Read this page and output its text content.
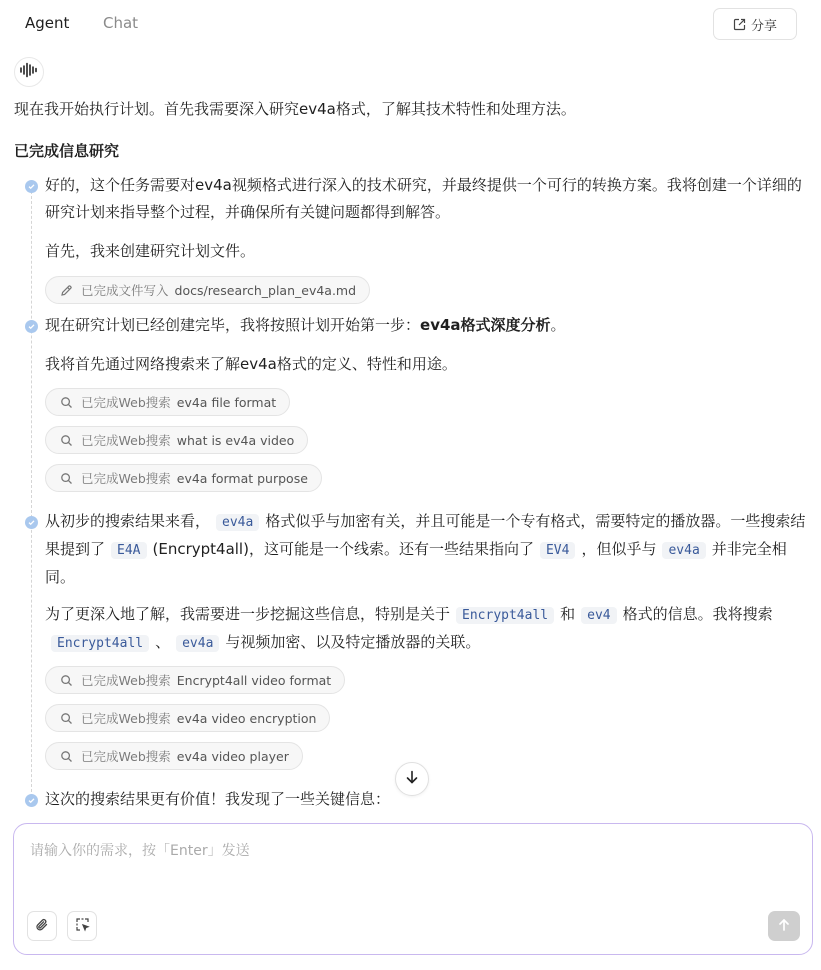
Agent Chat	分享
现在我开始执行计划。首先我需要深入研究ev4a格式，了解其技术特性和处理方法。
已完成信息研究
好的，这个任务需要对ev4a视频格式进行深入的技术研究，并最终提供一个可行的转换方案。我将创建一个详细的研究计划来指导整个过程，并确保所有关键问题都得到解答。
首先，我来创建研究计划文件。
已完成文件写入 docs/research_plan_ev4a.md
现在研究计划已经创建完毕，我将按照计划开始第一步：ev4a格式深度分析。
我将首先通过网络搜索来了解ev4a格式的定义、特性和用途。
已完成Web搜索 ev4a file format
已完成Web搜索 what is ev4a video
已完成Web搜索 ev4a format purpose
从初步的搜索结果来看， ev4a 格式似乎与加密有关，并且可能是一个专有格式，需要特定的播放器。一些搜索结果提到了 E4A (Encrypt4all)，这可能是一个线索。还有一些结果指向了 EV4 ，但似乎与 ev4a 并非完全相同。
为了更深入地了解，我需要进一步挖掘这些信息，特别是关于 Encrypt4all 和 ev4 格式的信息。我将搜索Encrypt4all 、 ev4a 与视频加密、以及特定播放器的关联。
已完成Web搜索 Encrypt4all video format
已完成Web搜索 ev4a video encryption
已完成Web搜索 ev4a video player
这次的搜索结果更有价值！我发现了一些关键信息：
请输入你的需求，按「Enter」发送
